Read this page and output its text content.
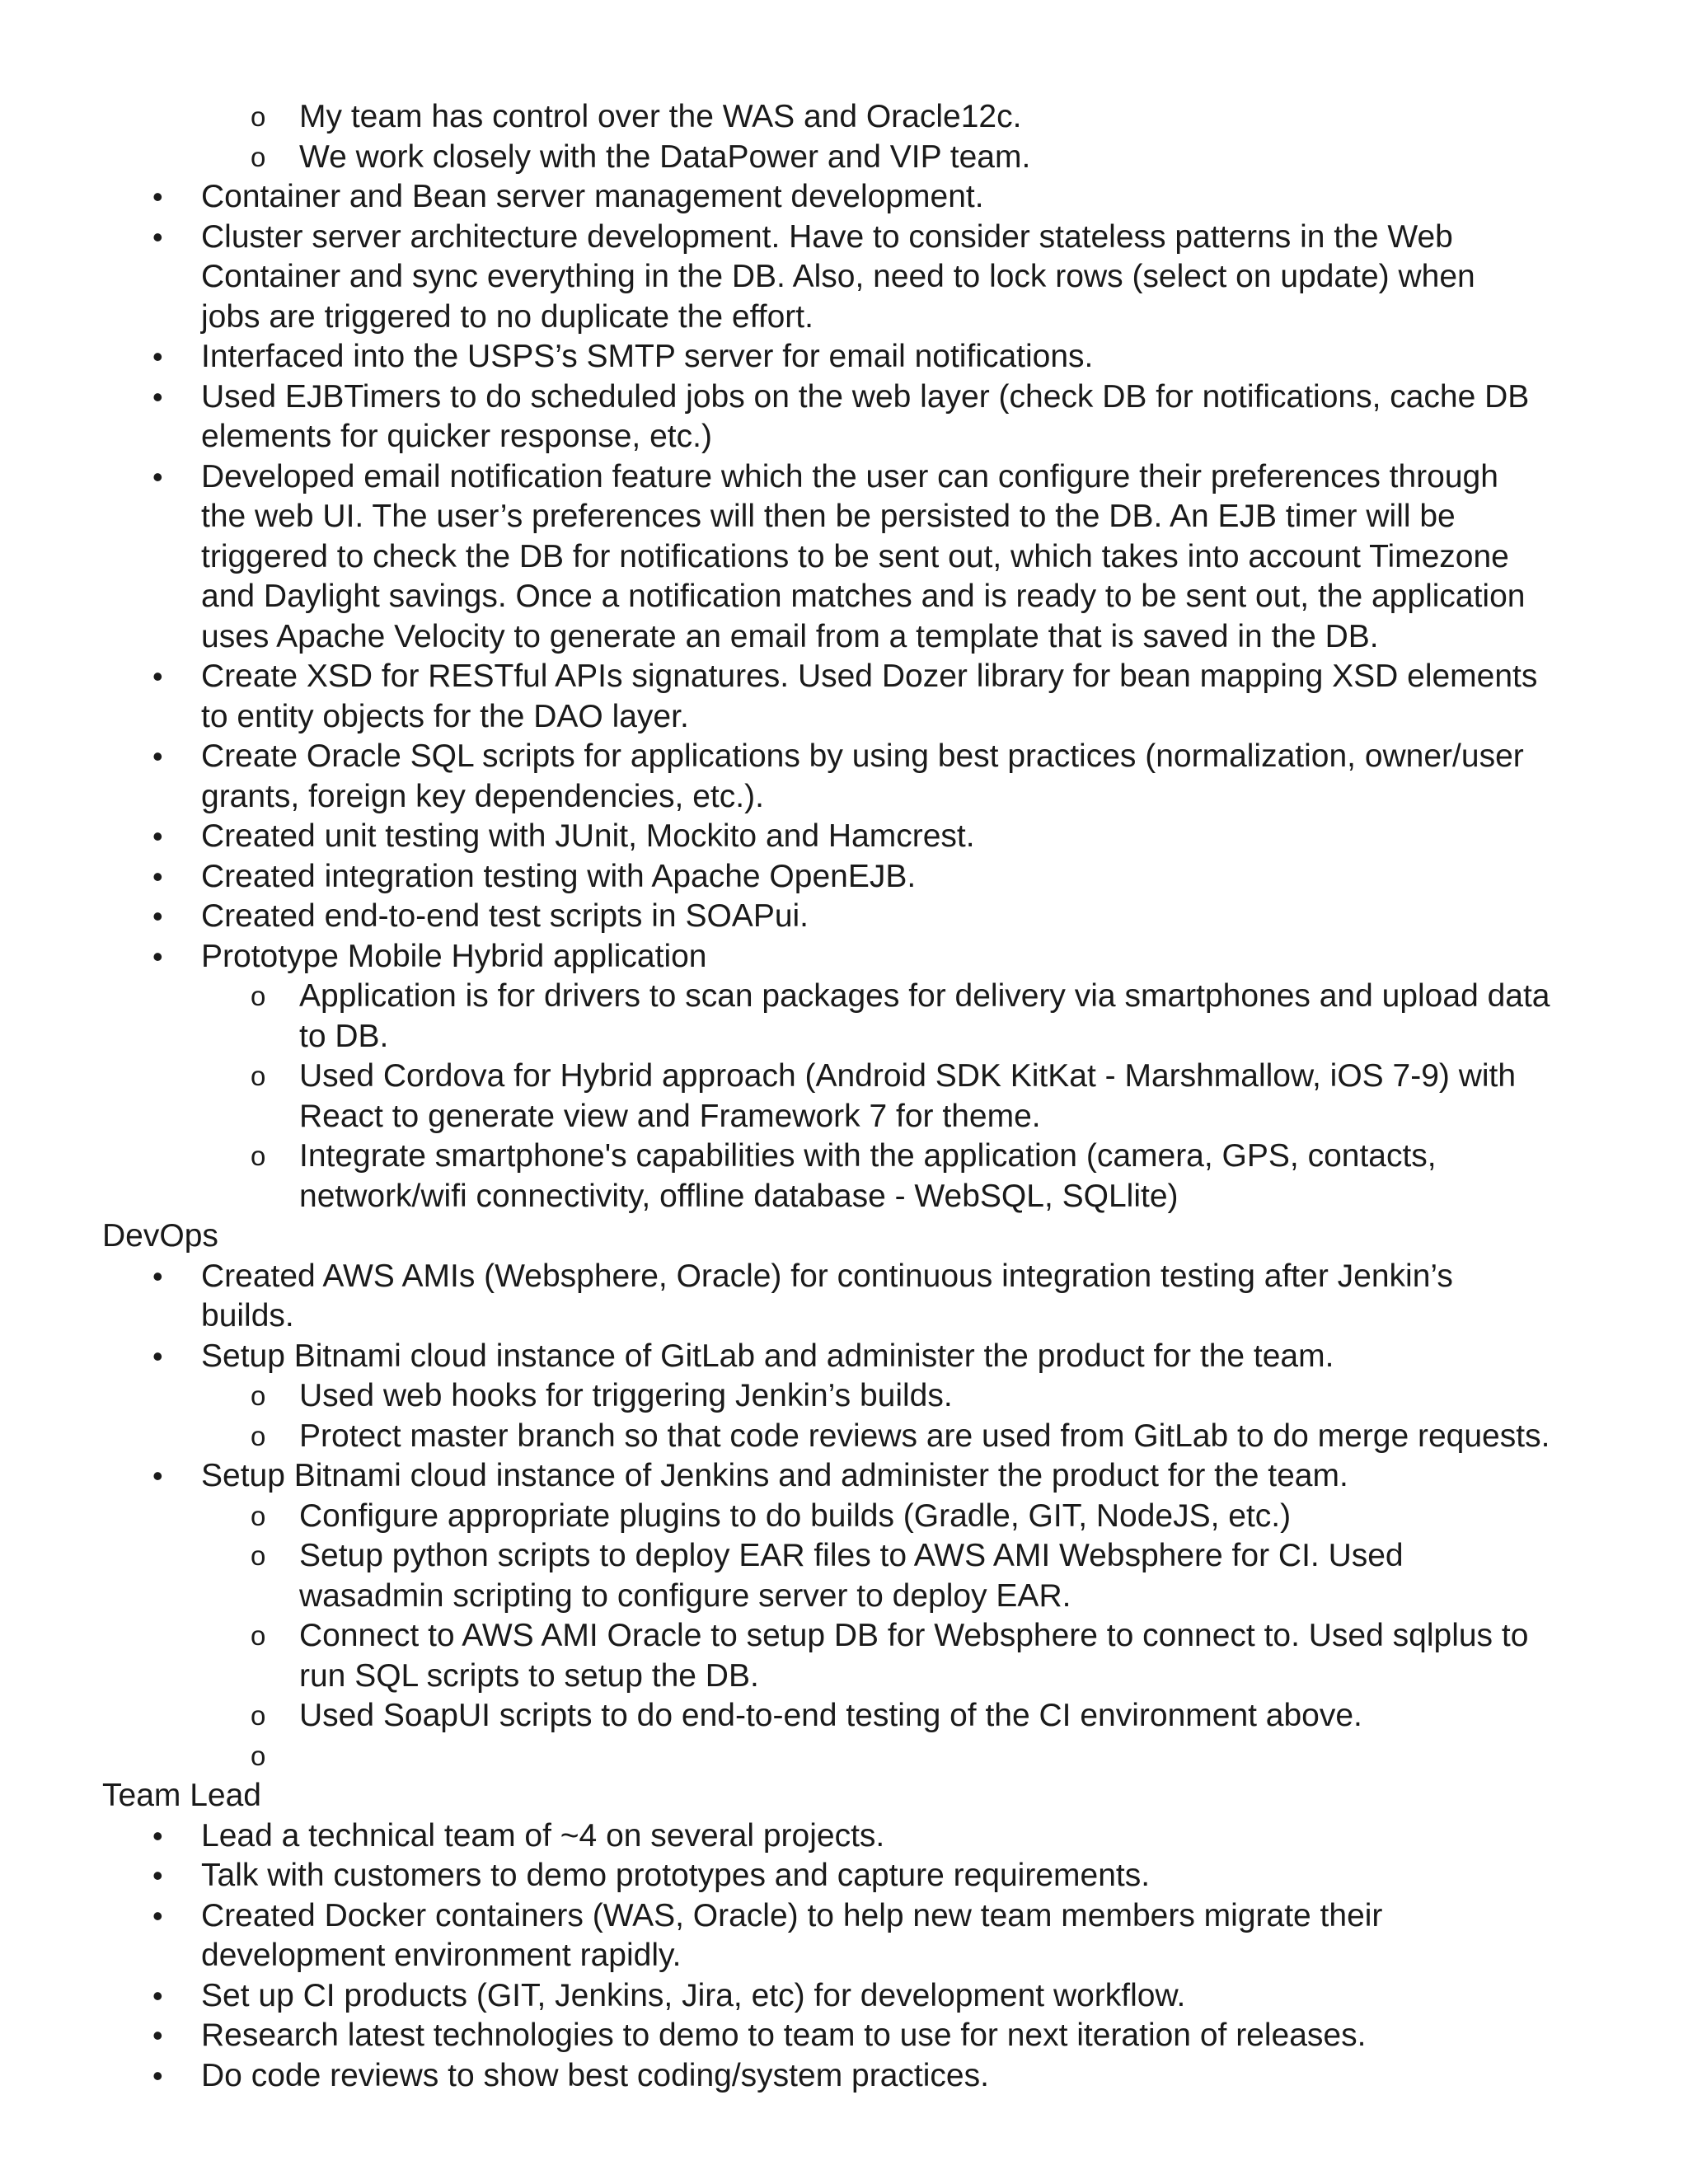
o My team has control over the WAS and Oracle12c.
o We work closely with the DataPower and VIP team.
• Container and Bean server management development.
• Cluster server architecture development. Have to consider stateless patterns in the Web
Container and sync everything in the DB. Also, need to lock rows (select on update) when
jobs are triggered to no duplicate the effort.
• Interfaced into the USPS’s SMTP server for email notifications.
• Used EJBTimers to do scheduled jobs on the web layer (check DB for notifications, cache DB
elements for quicker response, etc.)
• Developed email notification feature which the user can configure their preferences through
the web UI. The user’s preferences will then be persisted to the DB. An EJB timer will be
triggered to check the DB for notifications to be sent out, which takes into account Timezone
and Daylight savings. Once a notification matches and is ready to be sent out, the application
uses Apache Velocity to generate an email from a template that is saved in the DB.
• Create XSD for RESTful APIs signatures. Used Dozer library for bean mapping XSD elements
to entity objects for the DAO layer.
• Create Oracle SQL scripts for applications by using best practices (normalization, owner/user
grants, foreign key dependencies, etc.).
• Created unit testing with JUnit, Mockito and Hamcrest.
• Created integration testing with Apache OpenEJB.
• Created end-to-end test scripts in SOAPui.
• Prototype Mobile Hybrid application
o Application is for drivers to scan packages for delivery via smartphones and upload data
to DB.
o Used Cordova for Hybrid approach (Android SDK KitKat - Marshmallow, iOS 7-9) with
React to generate view and Framework 7 for theme.
o Integrate smartphone's capabilities with the application (camera, GPS, contacts,
network/wifi connectivity, offline database - WebSQL, SQLlite)
DevOps
• Created AWS AMIs (Websphere, Oracle) for continuous integration testing after Jenkin’s
builds.
• Setup Bitnami cloud instance of GitLab and administer the product for the team.
o Used web hooks for triggering Jenkin’s builds.
o Protect master branch so that code reviews are used from GitLab to do merge requests.
• Setup Bitnami cloud instance of Jenkins and administer the product for the team.
o Configure appropriate plugins to do builds (Gradle, GIT, NodeJS, etc.)
o Setup python scripts to deploy EAR files to AWS AMI Websphere for CI. Used
wasadmin scripting to configure server to deploy EAR.
o Connect to AWS AMI Oracle to setup DB for Websphere to connect to. Used sqlplus to
run SQL scripts to setup the DB.
o Used SoapUI scripts to do end-to-end testing of the CI environment above.
o
Team Lead
• Lead a technical team of ~4 on several projects.
• Talk with customers to demo prototypes and capture requirements.
• Created Docker containers (WAS, Oracle) to help new team members migrate their
development environment rapidly.
• Set up CI products (GIT, Jenkins, Jira, etc) for development workflow.
• Research latest technologies to demo to team to use for next iteration of releases.
• Do code reviews to show best coding/system practices.
